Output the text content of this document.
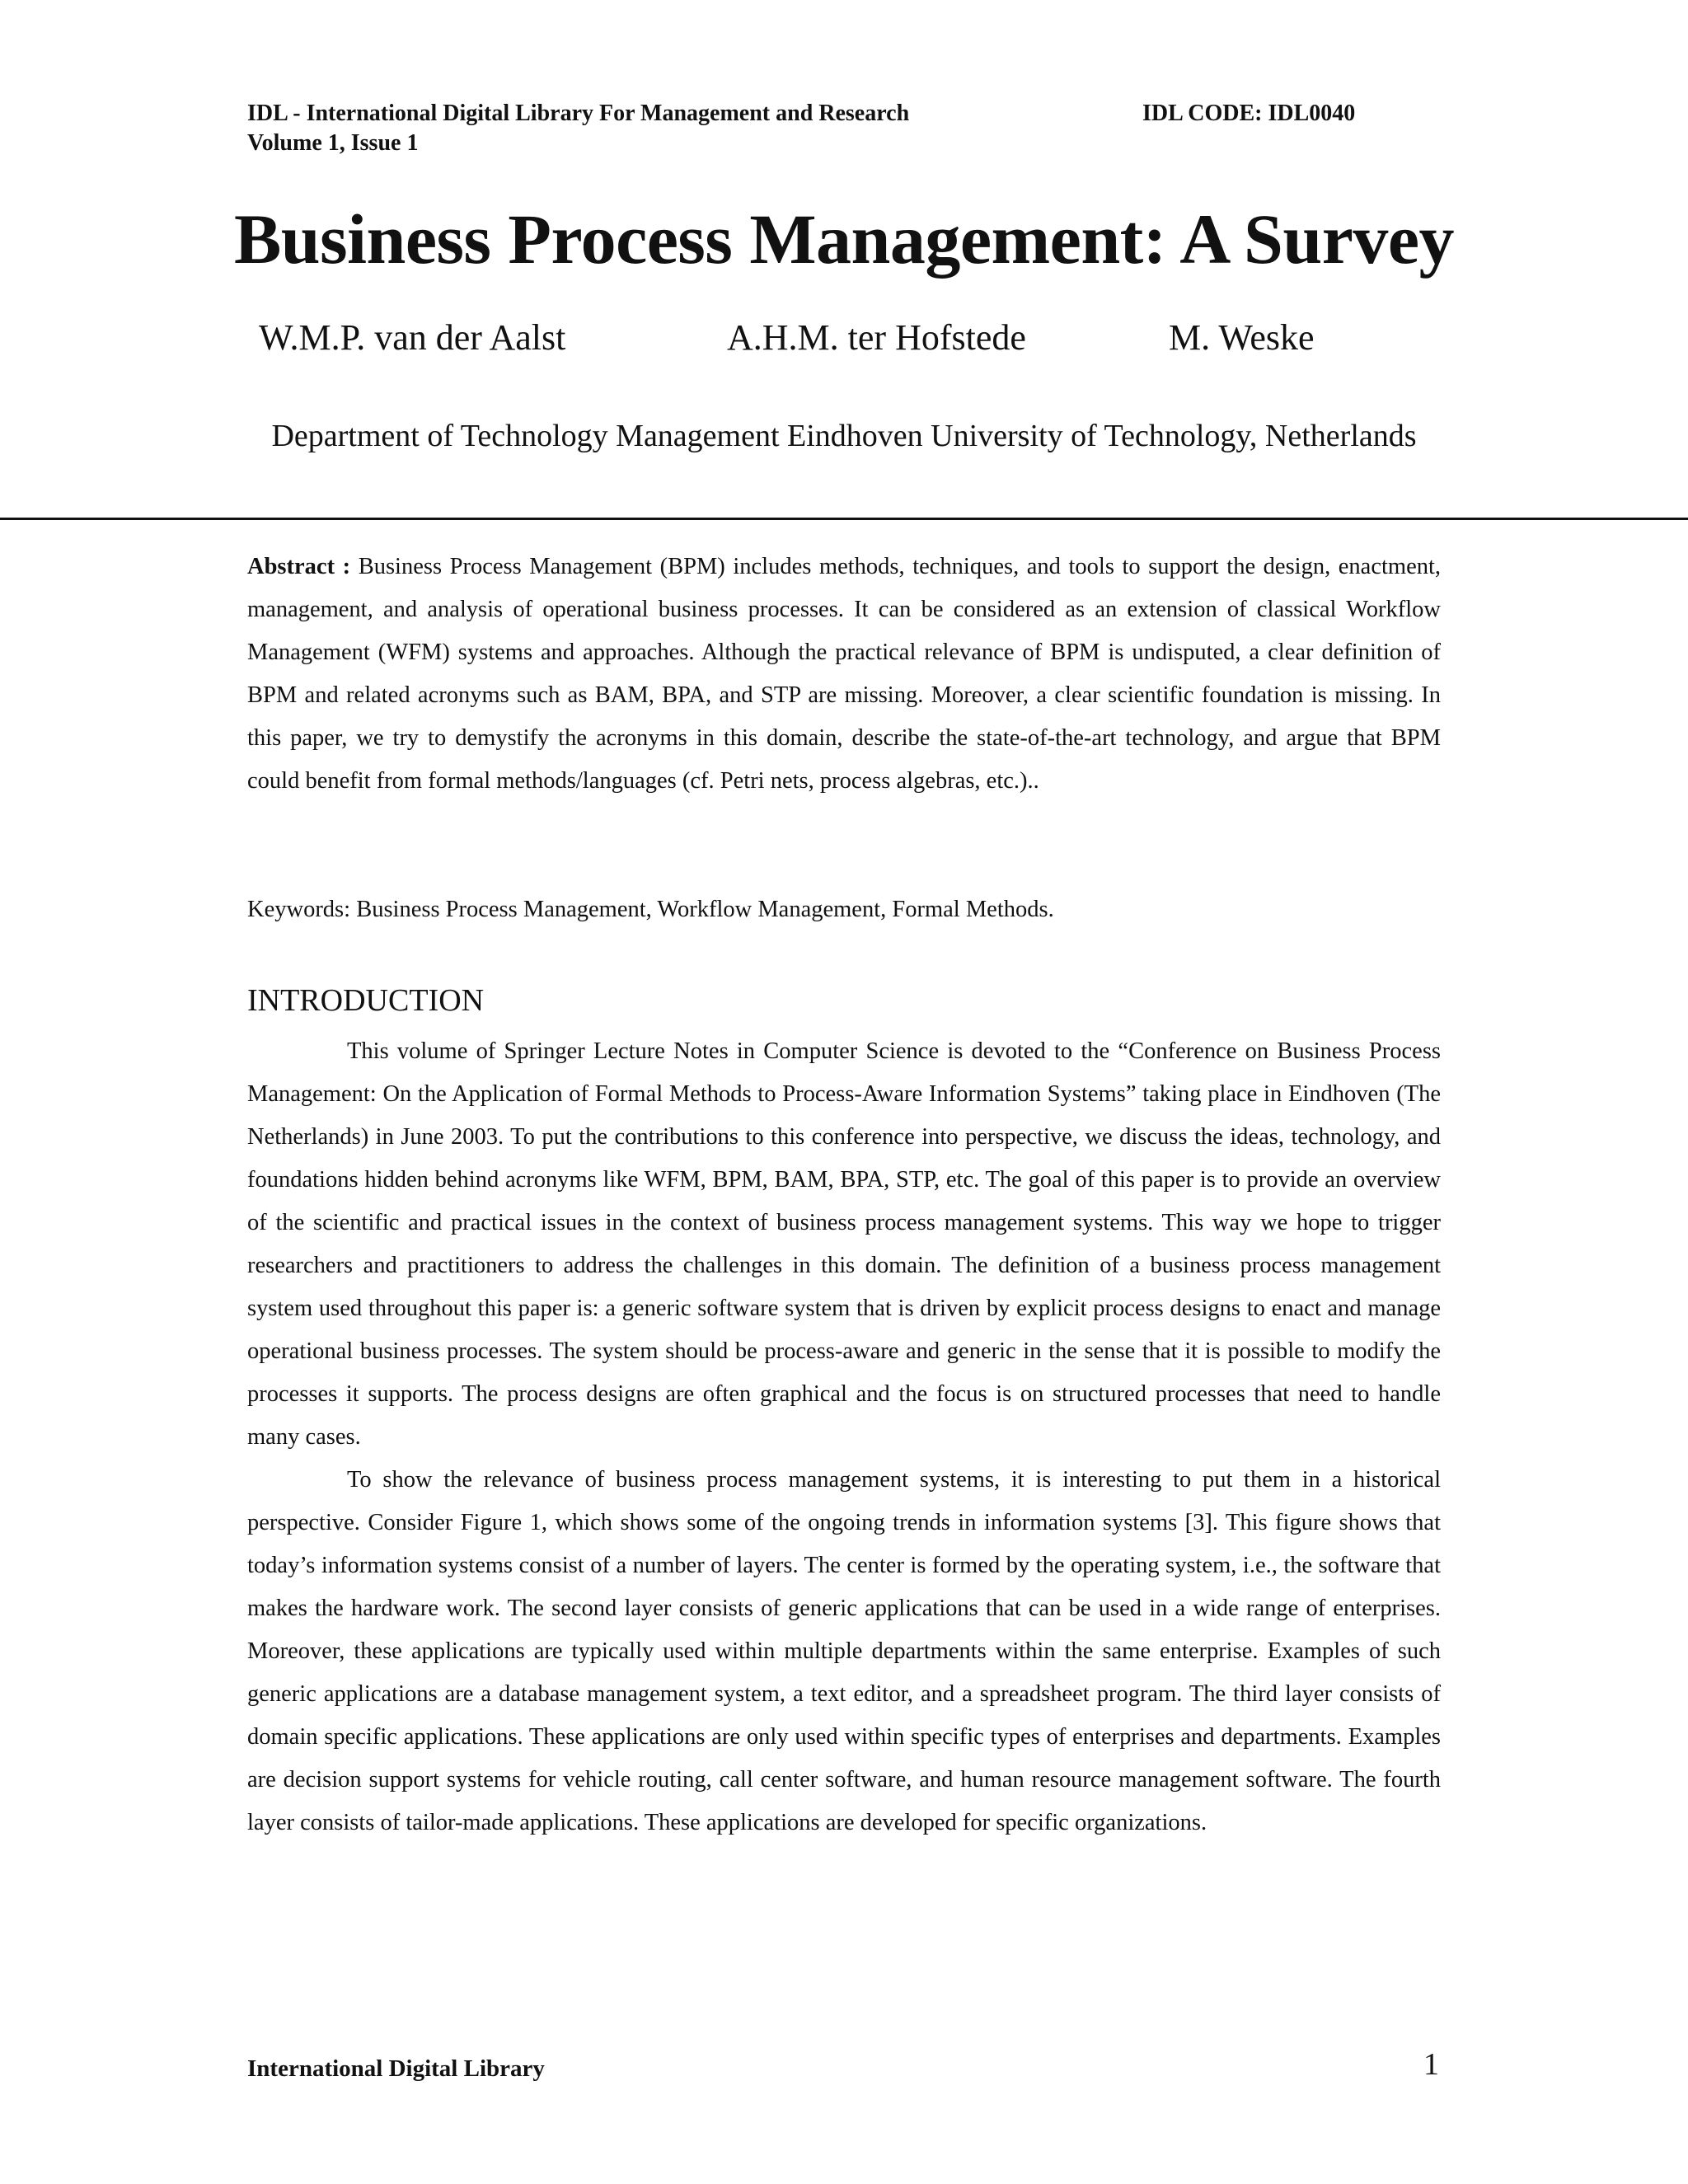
IDL - International Digital Library For Management and Research
Volume 1, Issue 1
IDL CODE: IDL0040
Business Process Management: A Survey
W.M.P. van der Aalst	A.H.M. ter Hofstede	M. Weske
Department of Technology Management Eindhoven University of Technology, Netherlands
Abstract : Business Process Management (BPM) includes methods, techniques, and tools to support the design, enactment, management, and analysis of operational business processes. It can be considered as an extension of classical Workflow Management (WFM) systems and approaches. Although the practical relevance of BPM is undisputed, a clear definition of BPM and related acronyms such as BAM, BPA, and STP are missing. Moreover, a clear scientific foundation is missing. In this paper, we try to demystify the acronyms in this domain, describe the state-of-the-art technology, and argue that BPM could benefit from formal methods/languages (cf. Petri nets, process algebras, etc.)..
Keywords: Business Process Management, Workflow Management, Formal Methods.
INTRODUCTION

This volume of Springer Lecture Notes in Computer Science is devoted to the “Conference on Business Process Management: On the Application of Formal Methods to Process-Aware Information Systems” taking place in Eindhoven (The Netherlands) in June 2003. To put the contributions to this conference into perspective, we discuss the ideas, technology, and foundations hidden behind acronyms like WFM, BPM, BAM, BPA, STP, etc. The goal of this paper is to provide an overview of the scientific and practical issues in the context of business process management systems. This way we hope to trigger researchers and practitioners to address the challenges in this domain. The definition of a business process management system used throughout this paper is: a generic software system that is driven by explicit process designs to enact and manage operational business processes. The system should be process-aware and generic in the sense that it is possible to modify the processes it supports. The process designs are often graphical and the focus is on structured processes that need to handle many cases.

To show the relevance of business process management systems, it is interesting to put them in a historical perspective. Consider Figure 1, which shows some of the ongoing trends in information systems [3]. This figure shows that today’s information systems consist of a number of layers. The center is formed by the operating system, i.e., the software that makes the hardware work. The second layer consists of generic applications that can be used in a wide range of enterprises. Moreover, these applications are typically used within multiple departments within the same enterprise. Examples of such generic applications are a database management system, a text editor, and a spreadsheet program. The third layer consists of domain specific applications. These applications are only used within specific types of enterprises and departments. Examples are decision support systems for vehicle routing, call center software, and human resource management software. The fourth layer consists of tailor-made applications. These applications are developed for specific organizations.

International Digital Library	1
